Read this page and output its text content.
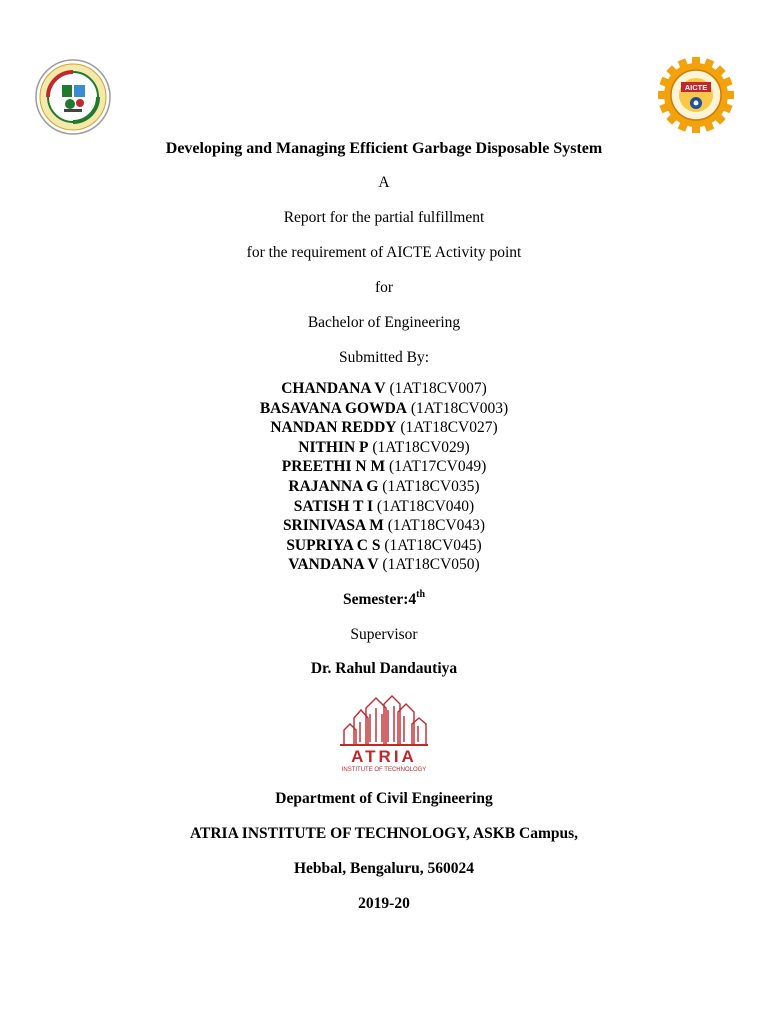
AICTE
Developing and Managing Efficient Garbage Disposable System
A
Report for the partial fulfillment
for the requirement of AICTE Activity point
for
Bachelor of Engineering
Submitted By:
CHANDANA V (1AT18CV007)
BASAVANA GOWDA (1AT18CV003)
NANDAN REDDY (1AT18CV027)
NITHIN P (1AT18CV029)
PREETHI N M (1AT17CV049)
RAJANNA G (1AT18CV035)
SATISH T I (1AT18CV040)
SRINIVASA M (1AT18CV043)
SUPRIYA C S (1AT18CV045)
VANDANA V (1AT18CV050)
Semester:4th
Supervisor
Dr. Rahul Dandautiya
ATRIA
INSTITUTE OF TECHNOLOGY
Department of Civil Engineering
ATRIA INSTITUTE OF TECHNOLOGY, ASKB Campus,
Hebbal, Bengaluru, 560024
2019-20
